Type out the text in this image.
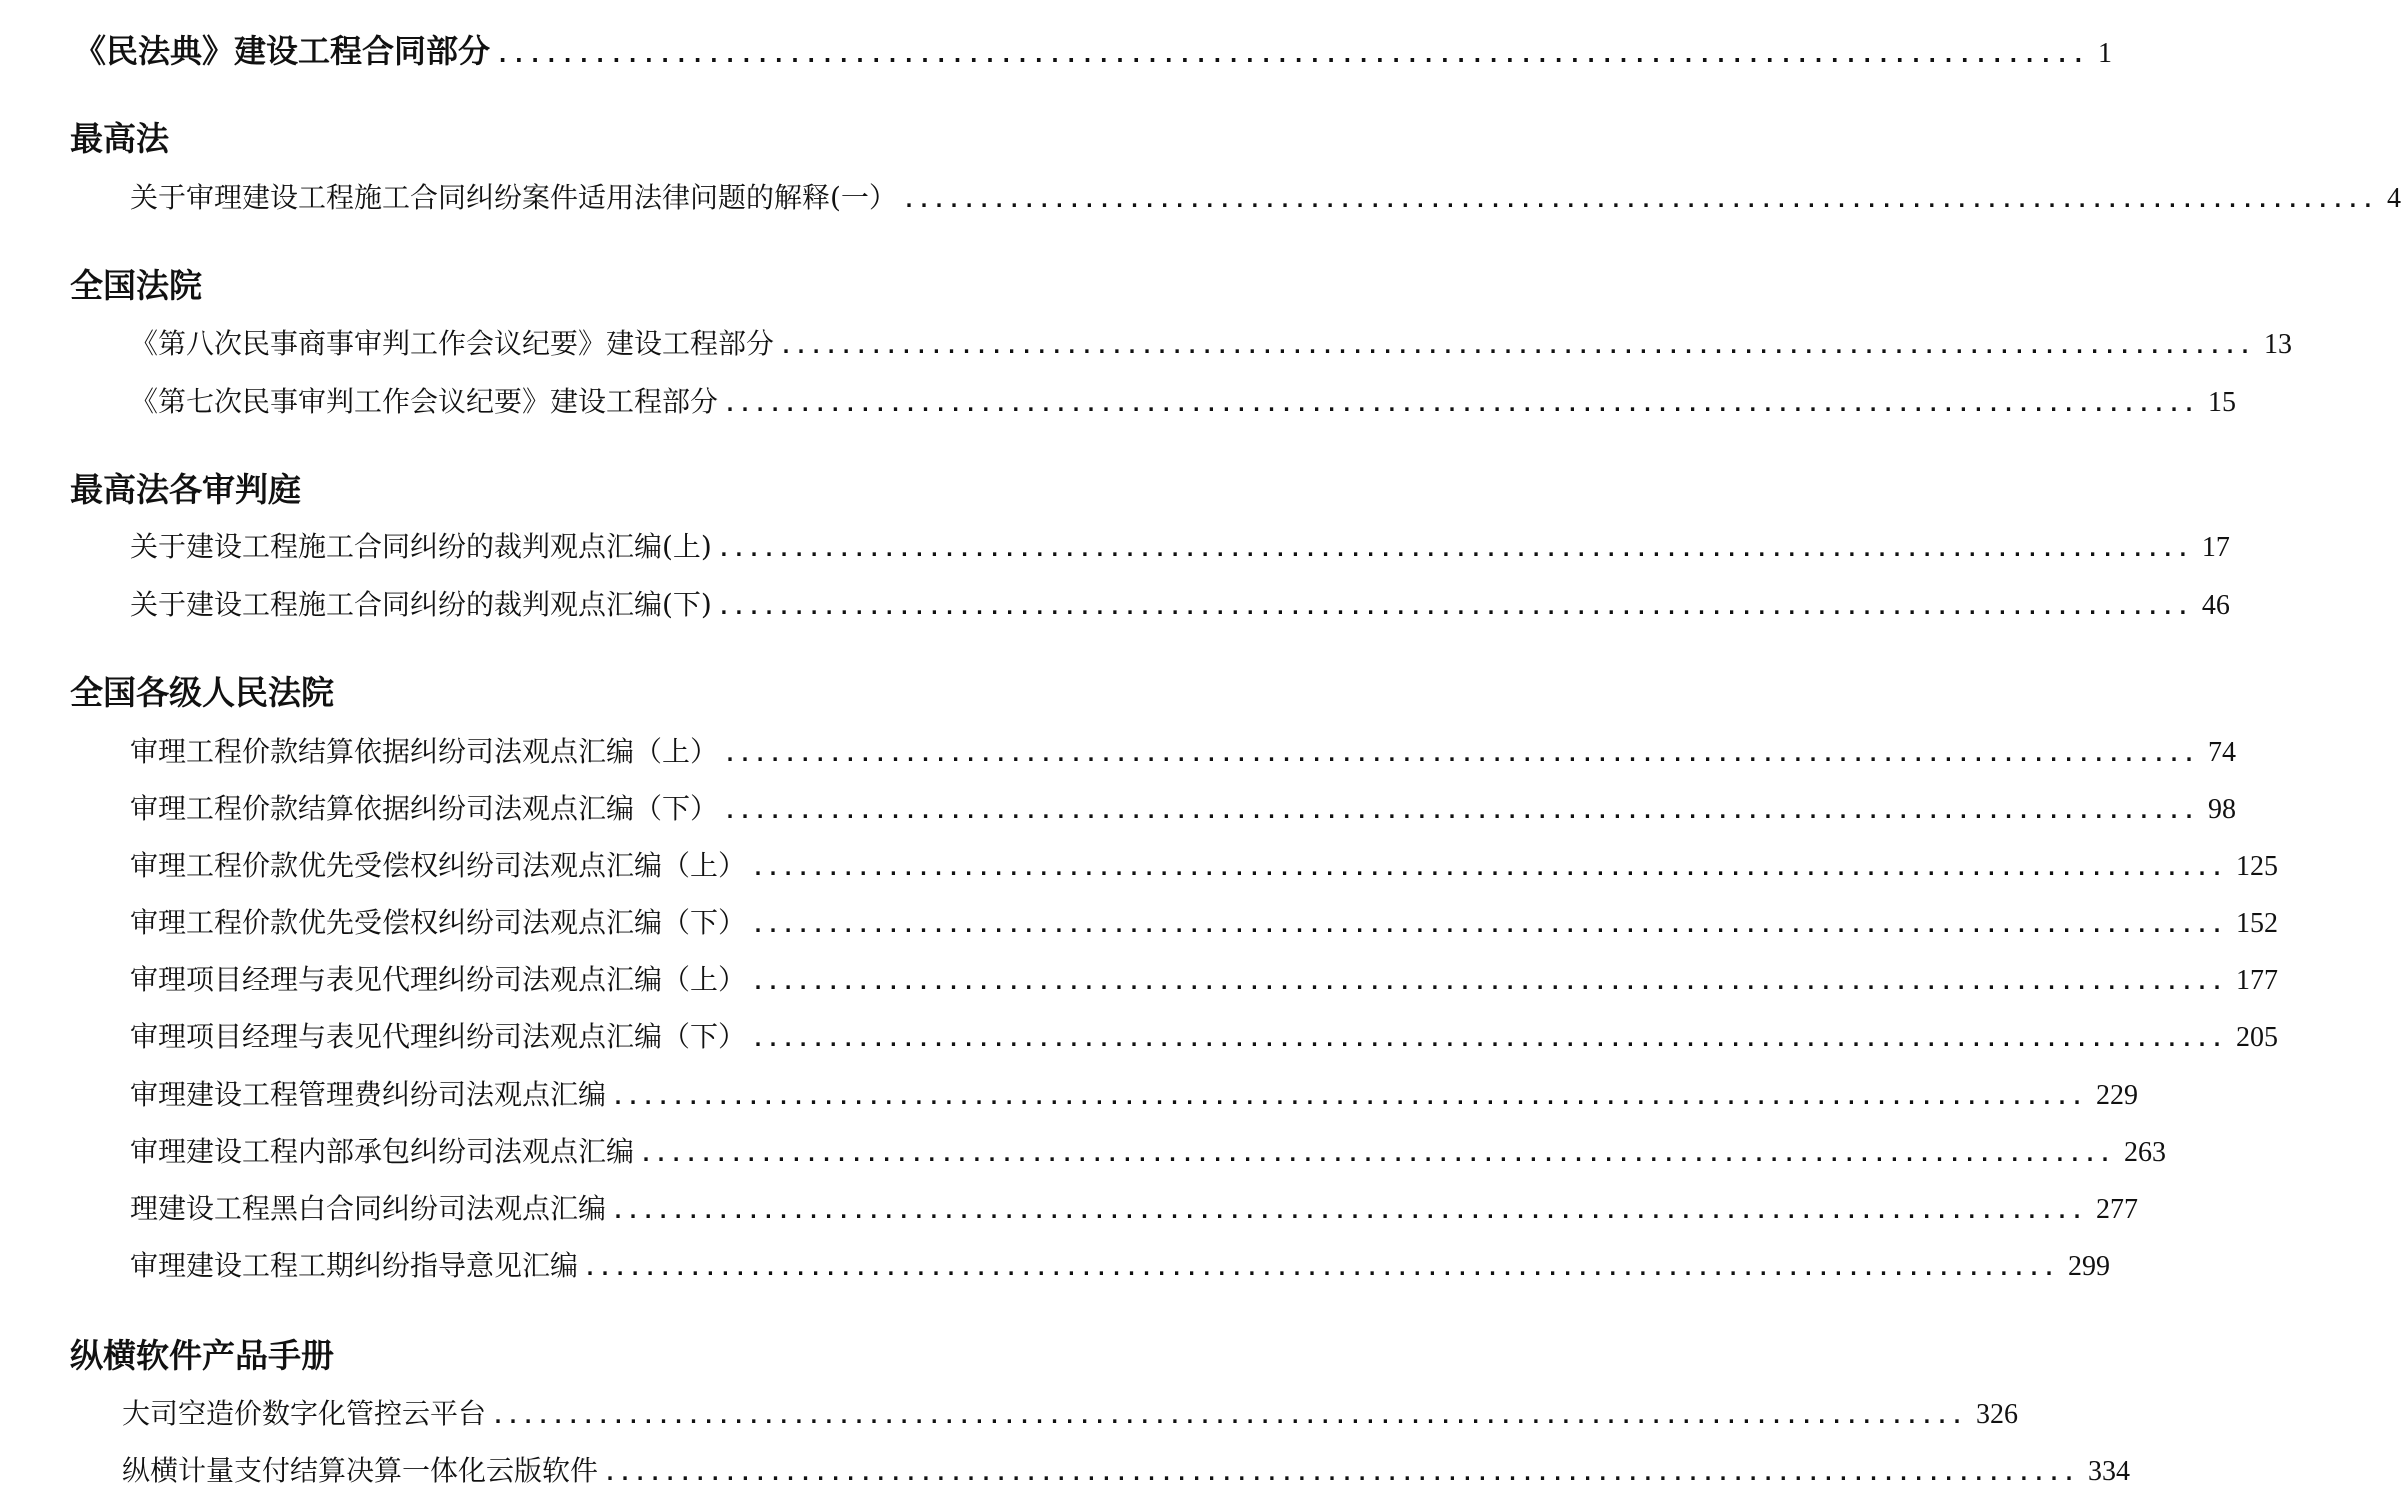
《民法典》建设工程合同部分 .................................................................................................. 1
最高法
关于审理建设工程施工合同纠纷案件适用法律问题的解释(一） .................................................................................................. 4
全国法院
《第八次民事商事审判工作会议纪要》建设工程部分 .................................................................................................. 13
《第七次民事审判工作会议纪要》建设工程部分 .................................................................................................. 15
最高法各审判庭
关于建设工程施工合同纠纷的裁判观点汇编(上) .................................................................................................. 17
关于建设工程施工合同纠纷的裁判观点汇编(下) .................................................................................................. 46
全国各级人民法院
审理工程价款结算依据纠纷司法观点汇编（上） .................................................................................................. 74
审理工程价款结算依据纠纷司法观点汇编（下） .................................................................................................. 98
审理工程价款优先受偿权纠纷司法观点汇编（上） .................................................................................................. 125
审理工程价款优先受偿权纠纷司法观点汇编（下） .................................................................................................. 152
审理项目经理与表见代理纠纷司法观点汇编（上） .................................................................................................. 177
审理项目经理与表见代理纠纷司法观点汇编（下） .................................................................................................. 205
审理建设工程管理费纠纷司法观点汇编 .................................................................................................. 229
审理建设工程内部承包纠纷司法观点汇编 .................................................................................................. 263
理建设工程黑白合同纠纷司法观点汇编 .................................................................................................. 277
审理建设工程工期纠纷指导意见汇编 .................................................................................................. 299
纵横软件产品手册
大司空造价数字化管控云平台 .................................................................................................. 326
纵横计量支付结算决算一体化云版软件 .................................................................................................. 334
